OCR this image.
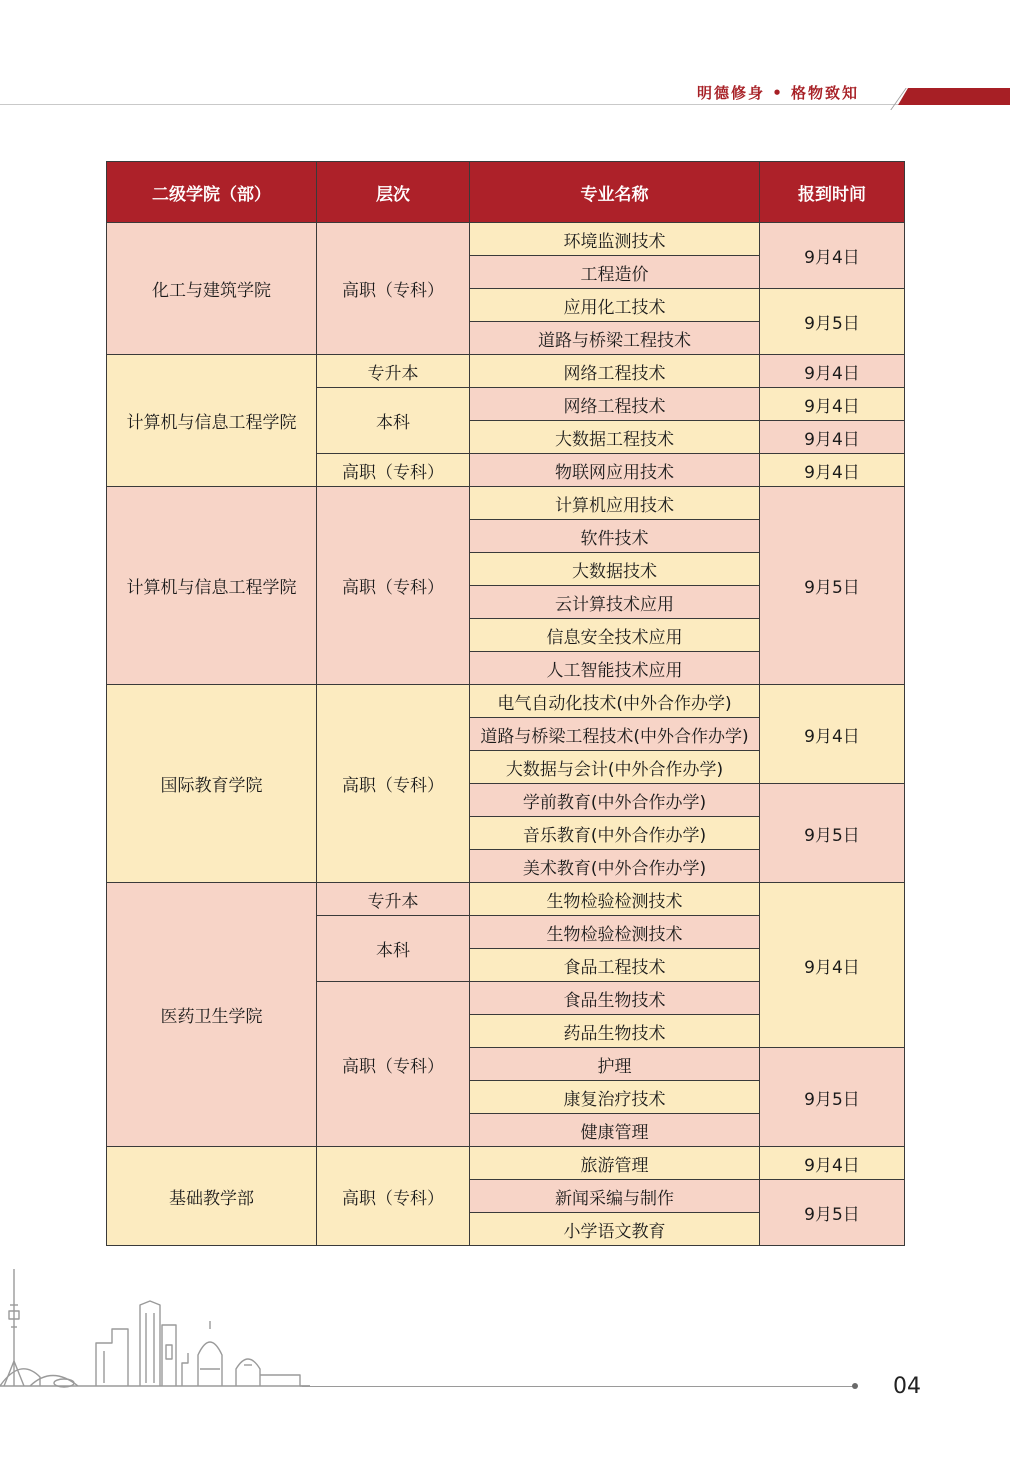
明德修身 • 格物致知
二级学院（部）	层次	专业名称	报到时间
化工与建筑学院	高职（专科）	环境监测技术	9月4日
		工程造价	
		应用化工技术	9月5日
		道路与桥梁工程技术	
计算机与信息工程学院	专升本	网络工程技术	9月4日
	本科	网络工程技术	9月4日
		大数据工程技术	9月4日
	高职（专科）	物联网应用技术	9月4日
计算机与信息工程学院	高职（专科）	计算机应用技术	9月5日
		软件技术	
		大数据技术	
		云计算技术应用	
		信息安全技术应用	
		人工智能技术应用	
国际教育学院	高职（专科）	电气自动化技术(中外合作办学)	9月4日
		道路与桥梁工程技术(中外合作办学)	
		大数据与会计(中外合作办学)	
		学前教育(中外合作办学)	9月5日
		音乐教育(中外合作办学)	
		美术教育(中外合作办学)	
医药卫生学院	专升本	生物检验检测技术	9月4日
	本科	生物检验检测技术	
		食品工程技术	
	高职（专科）	食品生物技术	
		药品生物技术	
		护理	9月5日
		康复治疗技术	
		健康管理	
基础教学部	高职（专科）	旅游管理	9月4日
		新闻采编与制作	9月5日
		小学语文教育	
04
